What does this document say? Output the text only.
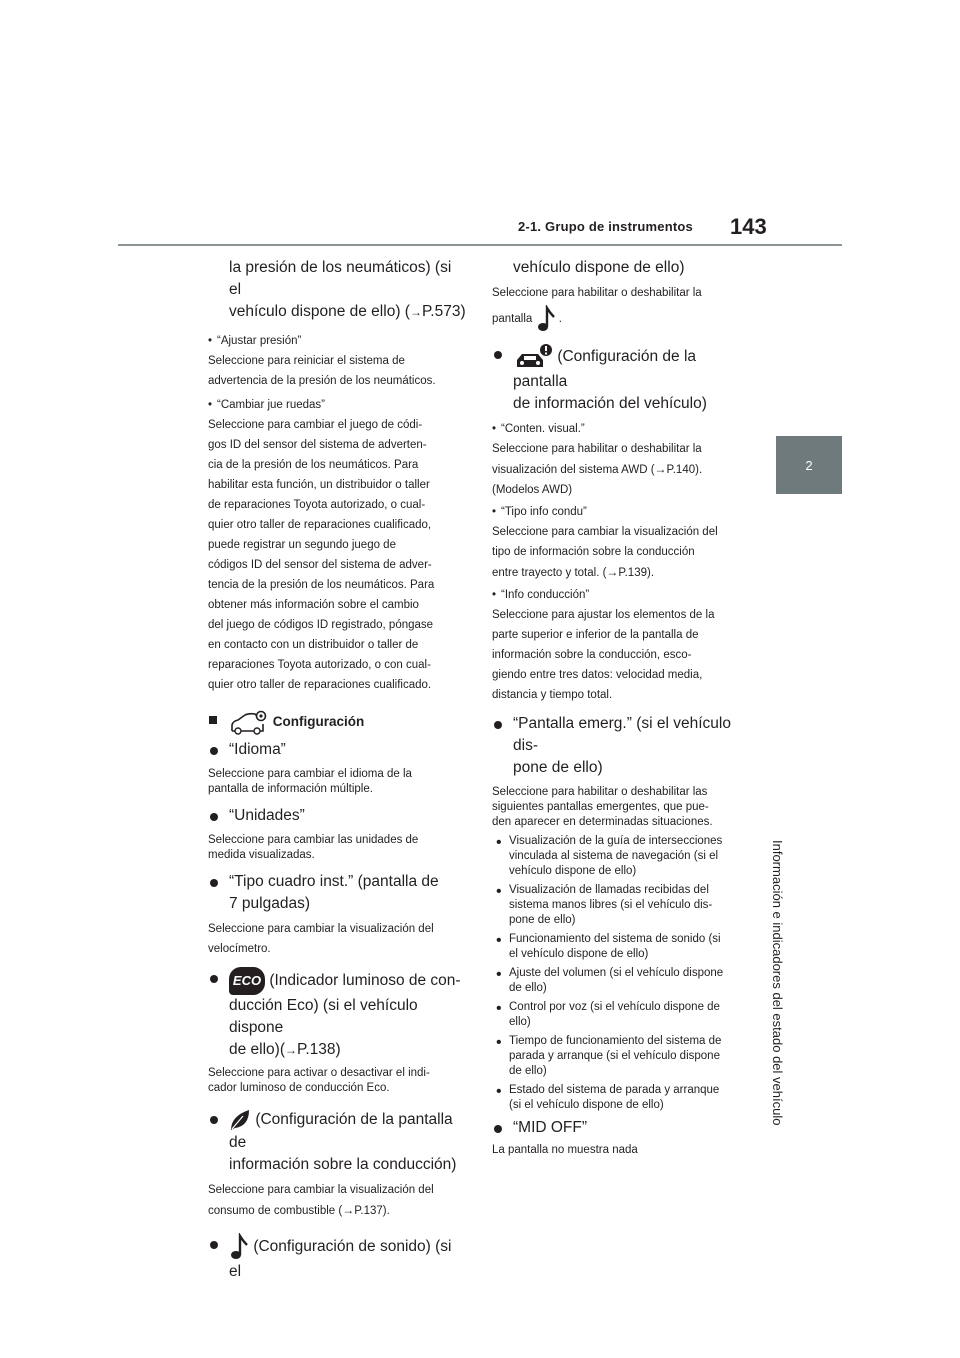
2-1. Grupo de instrumentos 143
2
Información e indicadores del estado del vehículo

la presión de los neumáticos) (si el

vehículo dispone de ello) (→P.573)

• “Ajustar presión”

Seleccione para reiniciar el sistema de

advertencia de la presión de los neumáticos.

• “Cambiar jue ruedas”

Seleccione para cambiar el juego de códi-

gos ID del sensor del sistema de adverten-

cia de la presión de los neumáticos. Para

habilitar esta función, un distribuidor o taller

de reparaciones Toyota autorizado, o cual-

quier otro taller de reparaciones cualificado,

puede registrar un segundo juego de

códigos ID del sensor del sistema de adver-

tencia de la presión de los neumáticos. Para

obtener más información sobre el cambio

del juego de códigos ID registrado, póngase

en contacto con un distribuidor o taller de

reparaciones Toyota autorizado, o con cual-

quier otro taller de reparaciones cualificado.

Configuración

“Idioma”

Seleccione para cambiar el idioma de la

pantalla de información múltiple.

“Unidades”

Seleccione para cambiar las unidades de

medida visualizadas.

“Tipo cuadro inst.” (pantalla de

7 pulgadas)

Seleccione para cambiar la visualización del

velocímetro.

ECO (Indicador luminoso de con-

ducción Eco) (si el vehículo dispone

de ello)(→P.138)

Seleccione para activar o desactivar el indi-

cador luminoso de conducción Eco.

(Configuración de la pantalla de

información sobre la conducción)

Seleccione para cambiar la visualización del

consumo de combustible (→P.137).

(Configuración de sonido) (si el

vehículo dispone de ello)

Seleccione para habilitar o deshabilitar la

pantalla .

(Configuración de la pantalla

de información del vehículo)

• “Conten. visual.”

Seleccione para habilitar o deshabilitar la

visualización del sistema AWD (→P.140).

(Modelos AWD)

• “Tipo info condu”

Seleccione para cambiar la visualización del

tipo de información sobre la conducción

entre trayecto y total. (→P.139).

• “Info conducción”

Seleccione para ajustar los elementos de la

parte superior e inferior de la pantalla de

información sobre la conducción, esco-

giendo entre tres datos: velocidad media,

distancia y tiempo total.

“Pantalla emerg.” (si el vehículo dis-

pone de ello)

Seleccione para habilitar o deshabilitar las

siguientes pantallas emergentes, que pue-

den aparecer en determinadas situaciones.

• Visualización de la guía de intersecciones

vinculada al sistema de navegación (si el

vehículo dispone de ello)

• Visualización de llamadas recibidas del

sistema manos libres (si el vehículo dis-

pone de ello)

• Funcionamiento del sistema de sonido (si

el vehículo dispone de ello)

• Ajuste del volumen (si el vehículo dispone

de ello)

• Control por voz (si el vehículo dispone de

ello)

• Tiempo de funcionamiento del sistema de

parada y arranque (si el vehículo dispone

de ello)

• Estado del sistema de parada y arranque

(si el vehículo dispone de ello)

“MID OFF”

La pantalla no muestra nada
